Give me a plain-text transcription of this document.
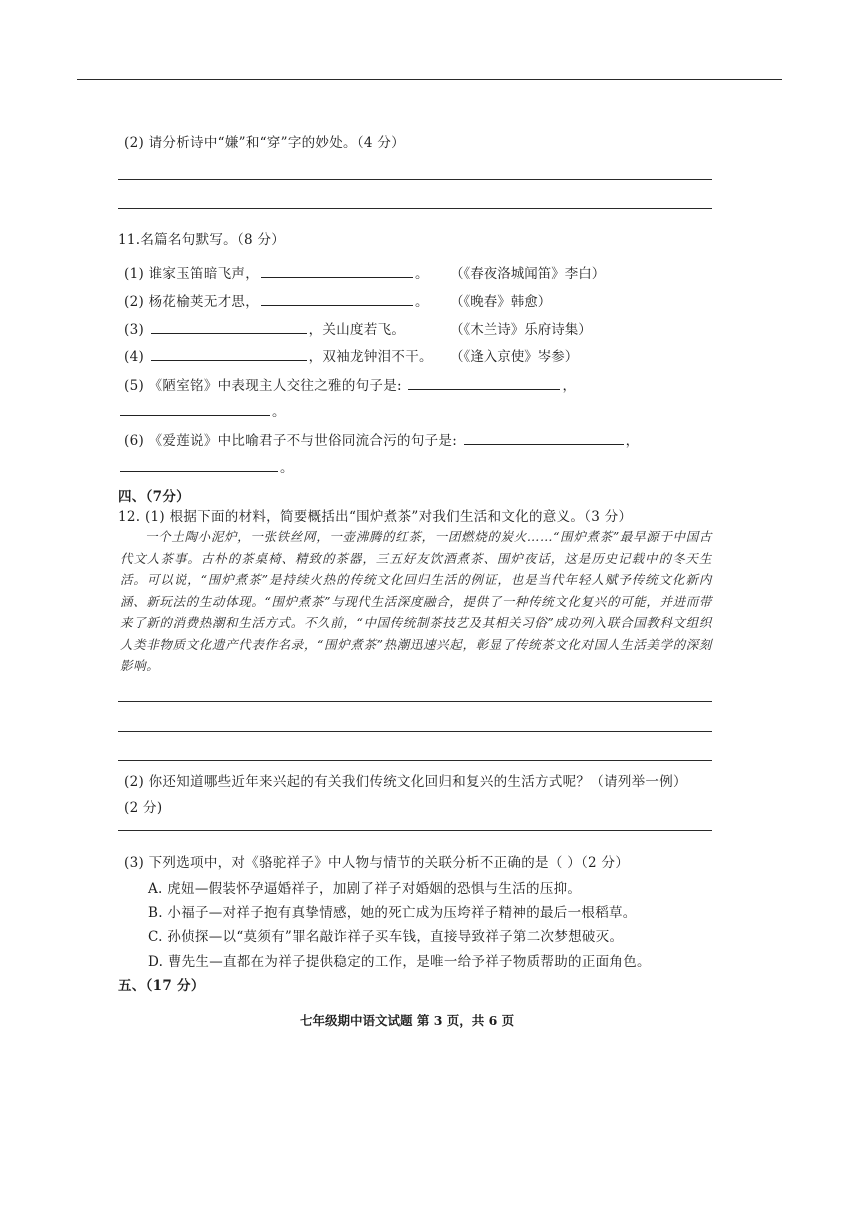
(2) 请分析诗中“嫌”和“穿”字的妙处。（4 分）
11.名篇名句默写。（8 分）
(1) 谁家玉笛暗飞声，	。 （《春夜洛城闻笛》李白）
(2) 杨花榆荚无才思，	。 （《晚春》韩愈）
(3)	，关山度若飞。	（《木兰诗》乐府诗集）
(4)	，双袖龙钟泪不干。 （《逢入京使》岑参）
(5) 《陋室铭》中表现主人交往之雅的句子是:	，
。
(6) 《爱莲说》中比喻君子不与世俗同流合污的句子是:	，
。
四、（7分）
12. (1) 根据下面的材料，简要概括出“围炉煮茶”对我们生活和文化的意义。（3 分）

一个土陶小泥炉，一张铁丝网，一壶沸腾的红茶，一团燃烧的炭火……“围炉煮茶”最早源于中国古代文人茶事。古朴的茶桌椅、精致的茶器，三五好友饮酒煮茶、围炉夜话，这是历史记载中的冬天生活。可以说，“围炉煮茶”是持续火热的传统文化回归生活的例证，也是当代年轻人赋予传统文化新内涵、新玩法的生动体现。“围炉煮茶”与现代生活深度融合，提供了一种传统文化复兴的可能，并进而带来了新的消费热潮和生活方式。不久前，“中国传统制茶技艺及其相关习俗”成功列入联合国教科文组织人类非物质文化遗产代表作名录，“围炉煮茶”热潮迅速兴起，彰显了传统茶文化对国人生活美学的深刻影响。

(2) 你还知道哪些近年来兴起的有关我们传统文化回归和复兴的生活方式呢？（请列举一例）
(2 分)
(3) 下列选项中，对《骆驼祥子》中人物与情节的关联分析不正确的是（ ）（2 分）
A. 虎妞—假装怀孕逼婚祥子，加剧了祥子对婚姻的恐惧与生活的压抑。
B. 小福子—对祥子抱有真挚情感，她的死亡成为压垮祥子精神的最后一根稻草。
C. 孙侦探—以“莫须有”罪名敲诈祥子买车钱，直接导致祥子第二次梦想破灭。
D. 曹先生—直都在为祥子提供稳定的工作，是唯一给予祥子物质帮助的正面角色。
五、（17 分）
七年级期中语文试题 第 3 页，共 6 页
